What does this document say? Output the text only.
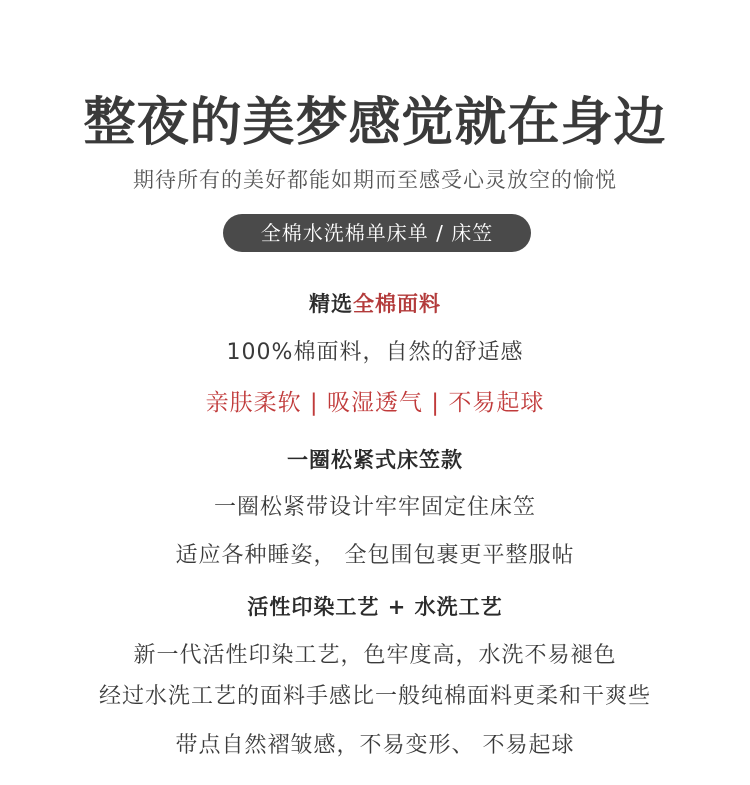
整夜的美梦感觉就在身边
期待所有的美好都能如期而至感受心灵放空的愉悦
全棉水洗棉单床单 / 床笠
精选全棉面料
100%棉面料，自然的舒适感
亲肤柔软 | 吸湿透气 | 不易起球
一圈松紧式床笠款
一圈松紧带设计牢牢固定住床笠
适应各种睡姿， 全包围包裹更平整服帖
活性印染工艺 + 水洗工艺
新一代活性印染工艺，色牢度高，水洗不易褪色
经过水洗工艺的面料手感比一般纯棉面料更柔和干爽些
带点自然褶皱感，不易变形、 不易起球
